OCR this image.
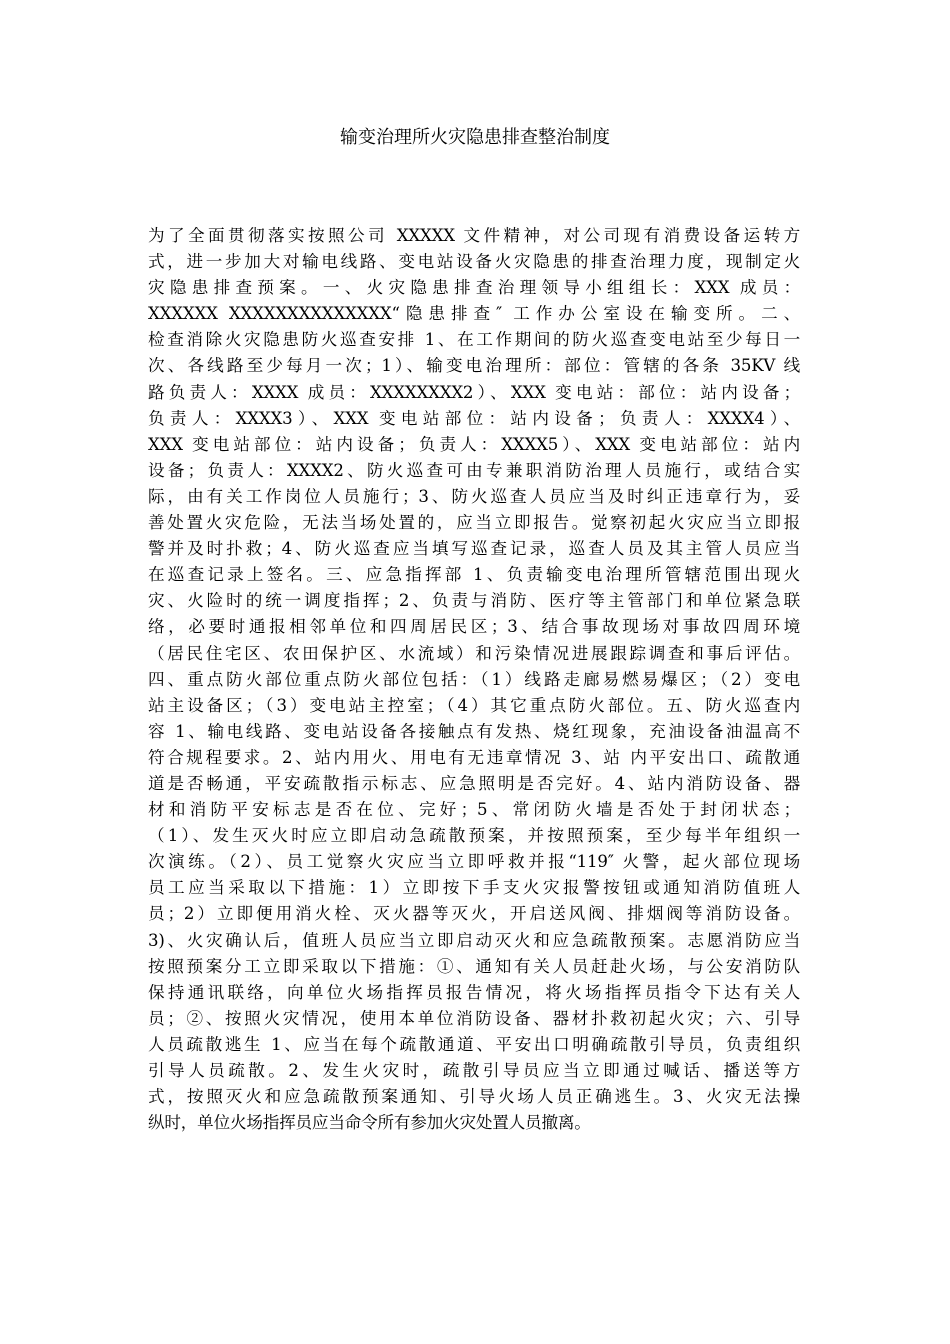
输变治理所火灾隐患排查整治制度
为了全面贯彻落实按照公司 XXXXX 文件精神，对公司现有消费设备运转方
式，进一步加大对输电线路、变电站设备火灾隐患的排查治理力度，现制定火
灾隐患排查预案。一、火灾隐患排查治理领导小组组长：XXX 成员：
XXXXXX XXXXXXXXXXXXXX“隐患排查″ 工作办公室设在输变所。二、
检查消除火灾隐患防火巡查安排 1、在工作期间的防火巡查变电站至少每日一
次、各线路至少每月一次；1）、输变电治理所：部位：管辖的各条 35KV 线
路负责人：XXXX 成员：XXXXXXXX2）、XXX 变电站：部位：站内设备；
负责人：XXXX3）、XXX 变电站部位：站内设备；负责人：XXXX4）、
XXX 变电站部位：站内设备；负责人：XXXX5）、XXX 变电站部位：站内
设备；负责人：XXXX2、防火巡查可由专兼职消防治理人员施行，或结合实
际，由有关工作岗位人员施行；3、防火巡查人员应当及时纠正违章行为，妥
善处置火灾危险，无法当场处置的，应当立即报告。觉察初起火灾应当立即报
警并及时扑救；4、防火巡查应当填写巡查记录，巡查人员及其主管人员应当
在巡查记录上签名。三、应急指挥部 1、负责输变电治理所管辖范围出现火
灾、火险时的统一调度指挥；2、负责与消防、医疗等主管部门和单位紧急联
络，必要时通报相邻单位和四周居民区；3、结合事故现场对事故四周环境
（居民住宅区、农田保护区、水流域）和污染情况进展跟踪调查和事后评估。
四、重点防火部位重点防火部位包括：（1）线路走廊易燃易爆区；（2）变电
站主设备区；（3）变电站主控室；（4）其它重点防火部位。五、防火巡查内
容 1、输电线路、变电站设备各接触点有发热、烧红现象，充油设备油温高不
符合规程要求。2、站内用火、用电有无违章情况 3、站 内平安出口、疏散通
道是否畅通，平安疏散指示标志、应急照明是否完好。4、站内消防设备、器
材和消防平安标志是否在位、完好；5、常闭防火墙是否处于封闭状态；
（1）、发生灭火时应立即启动急疏散预案，并按照预案，至少每半年组织一
次演练。（2）、员工觉察火灾应当立即呼救并报“119″ 火警，起火部位现场
员工应当采取以下措施：1）立即按下手支火灾报警按钮或通知消防值班人
员；2）立即便用消火栓、灭火器等灭火，开启送风阀、排烟阀等消防设备。
3)、火灾确认后，值班人员应当立即启动灭火和应急疏散预案。志愿消防应当
按照预案分工立即采取以下措施：①、通知有关人员赶赴火场，与公安消防队
保持通讯联络，向单位火场指挥员报告情况，将火场指挥员指令下达有关人
员；②、按照火灾情况，使用本单位消防设备、器材扑救初起火灾；六、引导
人员疏散逃生 1、应当在每个疏散通道、平安出口明确疏散引导员，负责组织
引导人员疏散。2、发生火灾时，疏散引导员应当立即通过喊话、播送等方
式，按照灭火和应急疏散预案通知、引导火场人员正确逃生。3、火灾无法操
纵时，单位火场指挥员应当命令所有参加火灾处置人员撤离。
